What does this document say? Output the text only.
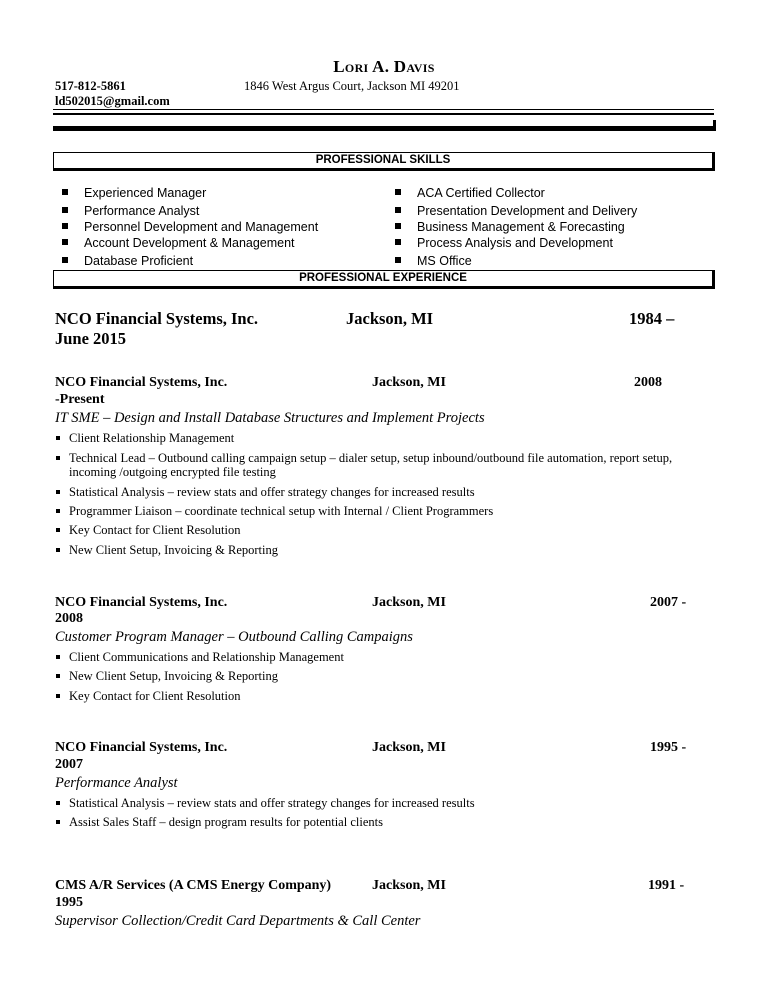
Lori A. Davis
517-812-5861	1846 West Argus Court, Jackson MI 49201
ld502015@gmail.com
PROFESSIONAL SKILLS
Experienced Manager
Performance Analyst
Personnel Development and Management
Account Development & Management
Database Proficient
ACA Certified Collector
Presentation Development and Delivery
Business Management & Forecasting
Process Analysis and Development
MS Office
PROFESSIONAL EXPERIENCE
NCO Financial Systems, Inc.	Jackson, MI	1984 –
June 2015
NCO Financial Systems, Inc.	Jackson, MI	2008
-Present
IT SME – Design and Install Database Structures and Implement Projects
Client Relationship Management
Technical Lead – Outbound calling campaign setup – dialer setup, setup inbound/outbound file automation, report setup, incoming /outgoing encrypted file testing
Statistical Analysis – review stats and offer strategy changes for increased results
Programmer Liaison – coordinate technical setup with Internal / Client Programmers
Key Contact for Client Resolution
New Client Setup, Invoicing & Reporting
NCO Financial Systems, Inc.	Jackson, MI	2007 -
2008
Customer Program Manager – Outbound Calling Campaigns
Client Communications and Relationship Management
New Client Setup, Invoicing & Reporting
Key Contact for Client Resolution
NCO Financial Systems, Inc.	Jackson, MI	1995 -
2007
Performance Analyst
Statistical Analysis – review stats and offer strategy changes for increased results
Assist Sales Staff – design program results for potential clients
CMS A/R Services (A CMS Energy Company)	Jackson, MI	1991 -
1995
Supervisor Collection/Credit Card Departments & Call Center
